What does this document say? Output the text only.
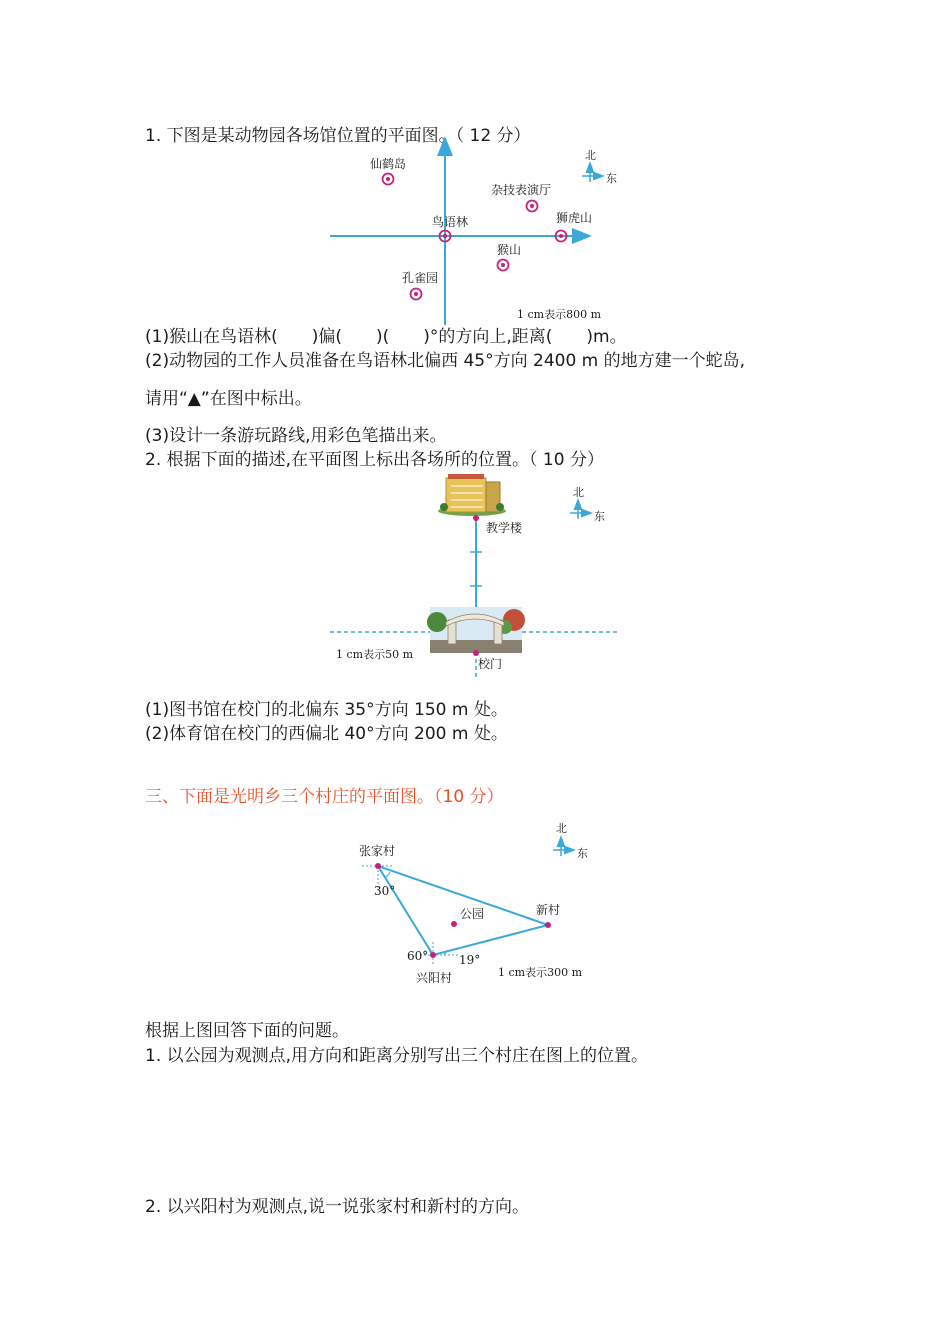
1. 下图是某动物园各场馆位置的平面图。（ 12 分）
仙鹤岛
杂技表演厅
鸟语林	狮虎山
猴山
孔雀园
1 cm表示800 m
北
东
教学楼
校门
1 cm表示50 m
北
东
张家村
新村
公园
兴阳村
30°
60°	19°
1 cm表示300 m
北
东
(1)猴山在鸟语林(　　)偏(　　)(　　)°的方向上,距离(　　)m。
(2)动物园的工作人员准备在鸟语林北偏西 45°方向 2400 m 的地方建一个蛇岛,
请用“▲”在图中标出。
(3)设计一条游玩路线,用彩色笔描出来。
2. 根据下面的描述,在平面图上标出各场所的位置。（ 10 分）
(1)图书馆在校门的北偏东 35°方向 150 m 处。
(2)体育馆在校门的西偏北 40°方向 200 m 处。
三、下面是光明乡三个村庄的平面图。（10 分）
根据上图回答下面的问题。
1. 以公园为观测点,用方向和距离分别写出三个村庄在图上的位置。
2. 以兴阳村为观测点,说一说张家村和新村的方向。
